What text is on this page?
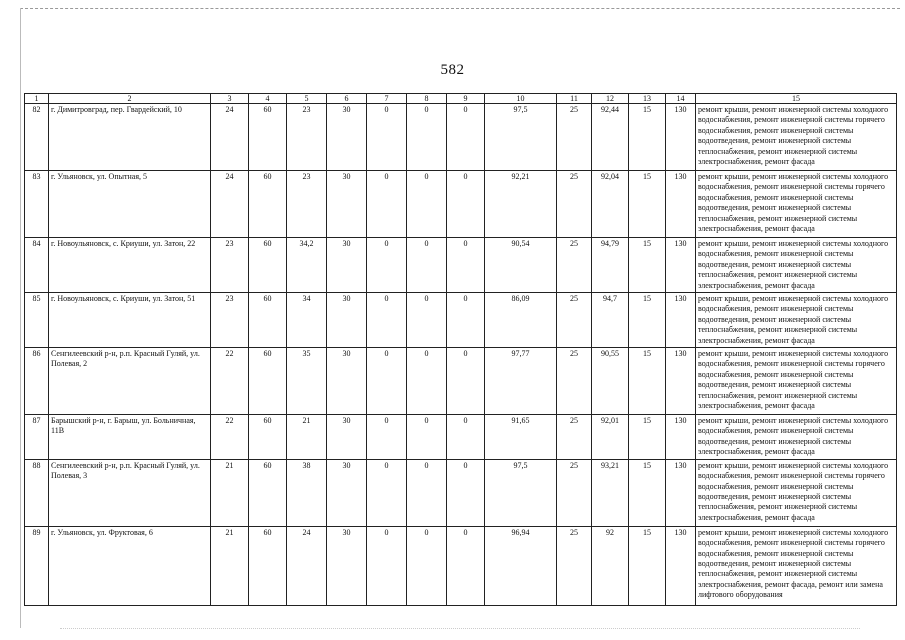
582
1	2	3	4	5	6	7	8	9	10	11	12	13	14	15
82	г. Димитровград, пер. Гвардейский, 10	24	60	23	30	0	0	0	97,5	25	92,44	15	130	ремонт крыши, ремонт инженерной системы холодного водоснабжения, ремонт инженерной системы горячего водоснабжения, ремонт инженерной системы водоотведения, ремонт инженерной системы теплоснабжения, ремонт инженерной системы электроснабжения, ремонт фасада
83	г. Ульяновск, ул. Опытная, 5	24	60	23	30	0	0	0	92,21	25	92,04	15	130	ремонт крыши, ремонт инженерной системы холодного водоснабжения, ремонт инженерной системы горячего водоснабжения, ремонт инженерной системы водоотведения, ремонт инженерной системы теплоснабжения, ремонт инженерной системы электроснабжения, ремонт фасада
84	г. Новоульяновск, с. Криуши, ул. Затон, 22	23	60	34,2	30	0	0	0	90,54	25	94,79	15	130	ремонт крыши, ремонт инженерной системы холодного водоснабжения, ремонт инженерной системы водоотведения, ремонт инженерной системы теплоснабжения, ремонт инженерной системы электроснабжения, ремонт фасада
85	г. Новоульяновск, с. Криуши, ул. Затон, 51	23	60	34	30	0	0	0	86,09	25	94,7	15	130	ремонт крыши, ремонт инженерной системы холодного водоснабжения, ремонт инженерной системы водоотведения, ремонт инженерной системы теплоснабжения, ремонт инженерной системы электроснабжения, ремонт фасада
86	Сенгилеевский р-н, р.п. Красный Гуляй, ул. Полевая, 2	22	60	35	30	0	0	0	97,77	25	90,55	15	130	ремонт крыши, ремонт инженерной системы холодного водоснабжения, ремонт инженерной системы горячего водоснабжения, ремонт инженерной системы водоотведения, ремонт инженерной системы теплоснабжения, ремонт инженерной системы электроснабжения, ремонт фасада
87	Барышский р-н, г. Барыш, ул. Больничная, 11В	22	60	21	30	0	0	0	91,65	25	92,01	15	130	ремонт крыши, ремонт инженерной системы холодного водоснабжения, ремонт инженерной системы водоотведения, ремонт инженерной системы электроснабжения, ремонт фасада
88	Сенгилеевский р-н, р.п. Красный Гуляй, ул. Полевая, 3	21	60	38	30	0	0	0	97,5	25	93,21	15	130	ремонт крыши, ремонт инженерной системы холодного водоснабжения, ремонт инженерной системы горячего водоснабжения, ремонт инженерной системы водоотведения, ремонт инженерной системы теплоснабжения, ремонт инженерной системы электроснабжения, ремонт фасада
89	г. Ульяновск, ул. Фруктовая, 6	21	60	24	30	0	0	0	96,94	25	92	15	130	ремонт крыши, ремонт инженерной системы холодного водоснабжения, ремонт инженерной системы горячего водоснабжения, ремонт инженерной системы водоотведения, ремонт инженерной системы теплоснабжения, ремонт инженерной системы электроснабжения, ремонт фасада, ремонт или замена лифтового оборудования
